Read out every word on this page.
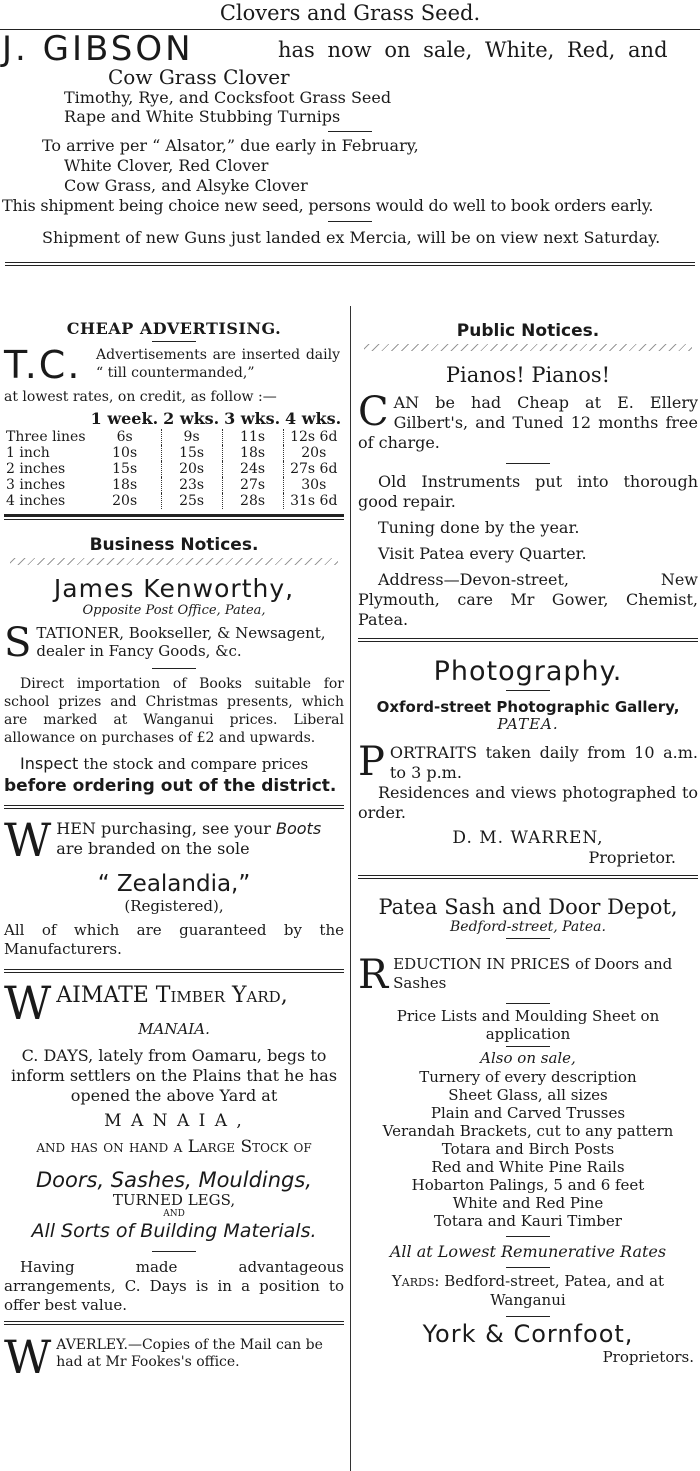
Clovers and Grass Seed.
J. GIBSON	has now on sale, White, Red, and
Cow Grass Clover
Timothy, Rye, and Cocksfoot Grass Seed
Rape and White Stubbing Turnips
To arrive per “ Alsator,” due early in February,
White Clover, Red Clover
Cow Grass, and Alsyke Clover
This shipment being choice new seed, persons would do well to book orders early.
Shipment of new Guns just landed ex Mercia, will be on view next Saturday.
CHEAP ADVERTISING.
T.C. Advertisements are inserted daily “ till countermanded,”
at lowest rates, on credit, as follow :—
	1 week.	2 wks.	3 wks.	4 wks.
Three lines	6s	9s	11s	12s 6d
1 inch	10s	15s	18s	20s
2 inches	15s	20s	24s	27s 6d
3 inches	18s	23s	27s	30s
4 inches	20s	25s	28s	31s 6d
Business Notices.
James Kenworthy,
Opposite Post Office, Patea,
S TATIONER, Bookseller, & Newsagent, dealer in Fancy Goods, &c.

Direct importation of Books suitable for school prizes and Christmas presents, which are marked at Wanganui prices. Liberal allowance on purchases of £2 and upwards.

Inspect the stock and compare prices
before ordering out of the district.
W HEN purchasing, see your Boots are branded on the sole
“ Zealandia,”
(Registered),

All of which are guaranteed by the Manufacturers.

W AIMATE Timber Yard,
MANAIA.

C. DAYS, lately from Oamaru, begs to inform settlers on the Plains that he has opened the above Yard at

M A N A I A ,
and has on hand a Large Stock of
Doors, Sashes, Mouldings,
TURNED LEGS,
AND
All Sorts of Building Materials.

Having made advantageous arrangements, C. Days is in a position to offer best value.

W AVERLEY.—Copies of the Mail can be had at Mr Fookes's office.
Public Notices.
Pianos! Pianos!
C AN be had Cheap at E. Ellery Gilbert's, and Tuned 12 months free of charge.

Old Instruments put into thorough good repair.

Tuning done by the year.

Visit Patea every Quarter.

Address—Devon-street, New Plymouth, care Mr Gower, Chemist, Patea.

Photography.
Oxford-street Photographic Gallery,
PATEA.
P ORTRAITS taken daily from 10 a.m. to 3 p.m.

Residences and views photographed to order.

D. M. WARREN,
Proprietor.
Patea Sash and Door Depot,
Bedford-street, Patea.
R EDUCTION IN PRICES of Doors and Sashes

Price Lists and Moulding Sheet on application

Also on sale,
Turnery of every description
Sheet Glass, all sizes
Plain and Carved Trusses
Verandah Brackets, cut to any pattern
Totara and Birch Posts
Red and White Pine Rails
Hobarton Palings, 5 and 6 feet
White and Red Pine
Totara and Kauri Timber
All at Lowest Remunerative Rates
Yards: Bedford-street, Patea, and at Wanganui
York & Cornfoot,
Proprietors.
